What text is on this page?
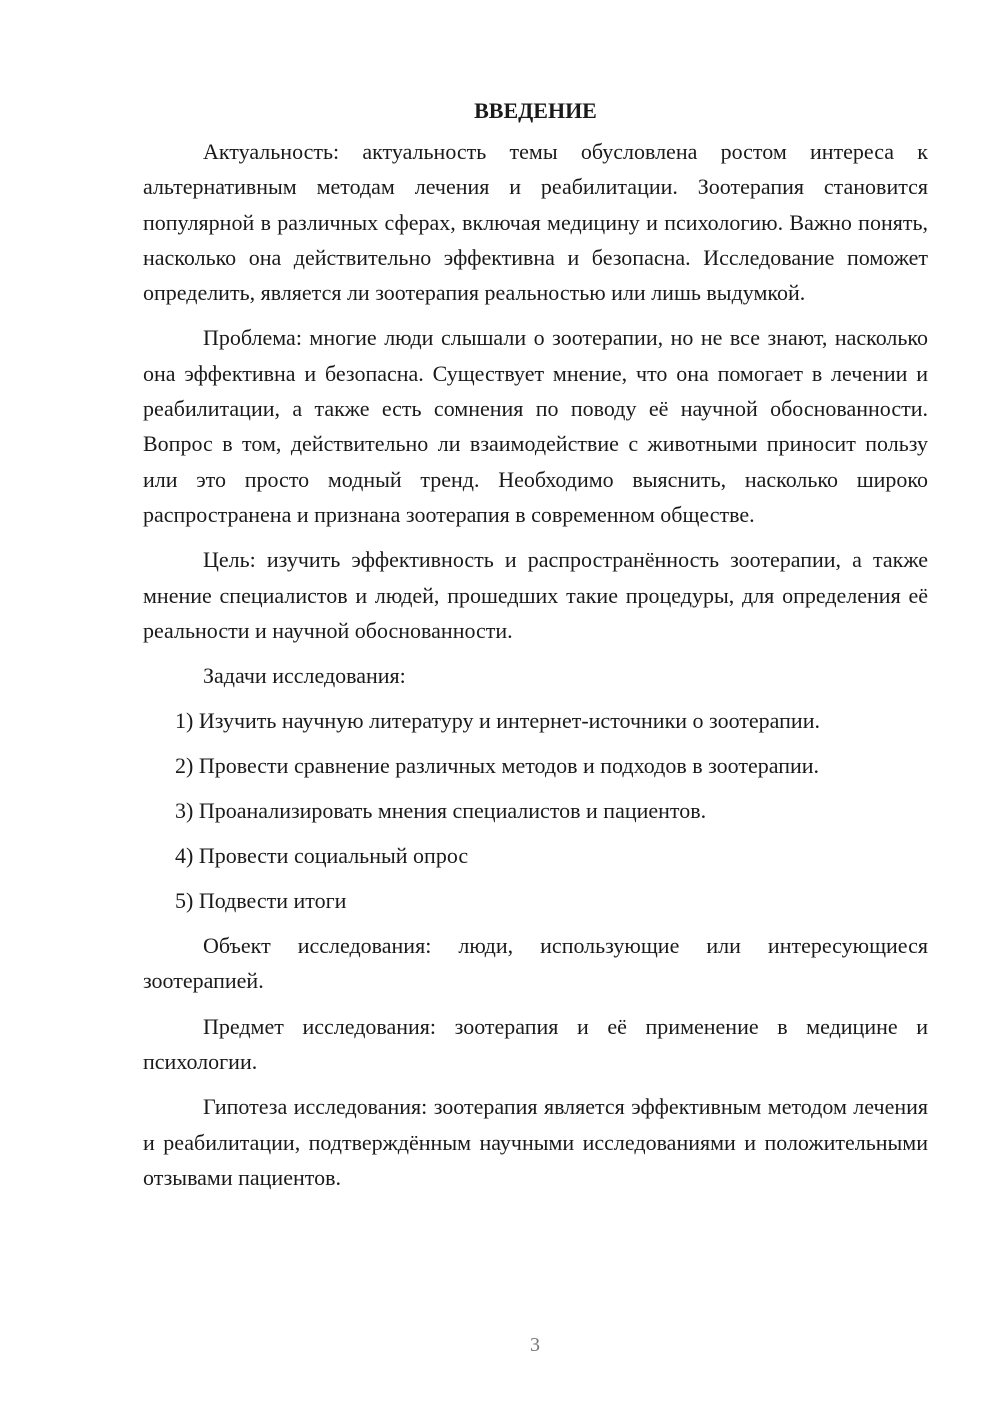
ВВЕДЕНИЕ

Актуальность: актуальность темы обусловлена ростом интереса к альтернативным методам лечения и реабилитации. Зоотерапия становится популярной в различных сферах, включая медицину и психологию. Важно понять, насколько она действительно эффективна и безопасна. Исследование поможет определить, является ли зоотерапия реальностью или лишь выдумкой.

Проблема: многие люди слышали о зоотерапии, но не все знают, насколько она эффективна и безопасна. Существует мнение, что она помогает в лечении и реабилитации, а также есть сомнения по поводу её научной обоснованности. Вопрос в том, действительно ли взаимодействие с животными приносит пользу или это просто модный тренд. Необходимо выяснить, насколько широко распространена и признана зоотерапия в современном обществе.

Цель: изучить эффективность и распространённость зоотерапии, а также мнение специалистов и людей, прошедших такие процедуры, для определения её реальности и научной обоснованности.

Задачи исследования:
1) Изучить научную литературу и интернет-источники о зоотерапии.
2) Провести сравнение различных методов и подходов в зоотерапии.
3) Проанализировать мнения специалистов и пациентов.
4) Провести социальный опрос
5) Подвести итоги

Объект исследования: люди, использующие или интересующиеся зоотерапией.

Предмет исследования: зоотерапия и её применение в медицине и психологии.

Гипотеза исследования: зоотерапия является эффективным методом лечения и реабилитации, подтверждённым научными исследованиями и положительными отзывами пациентов.

3
